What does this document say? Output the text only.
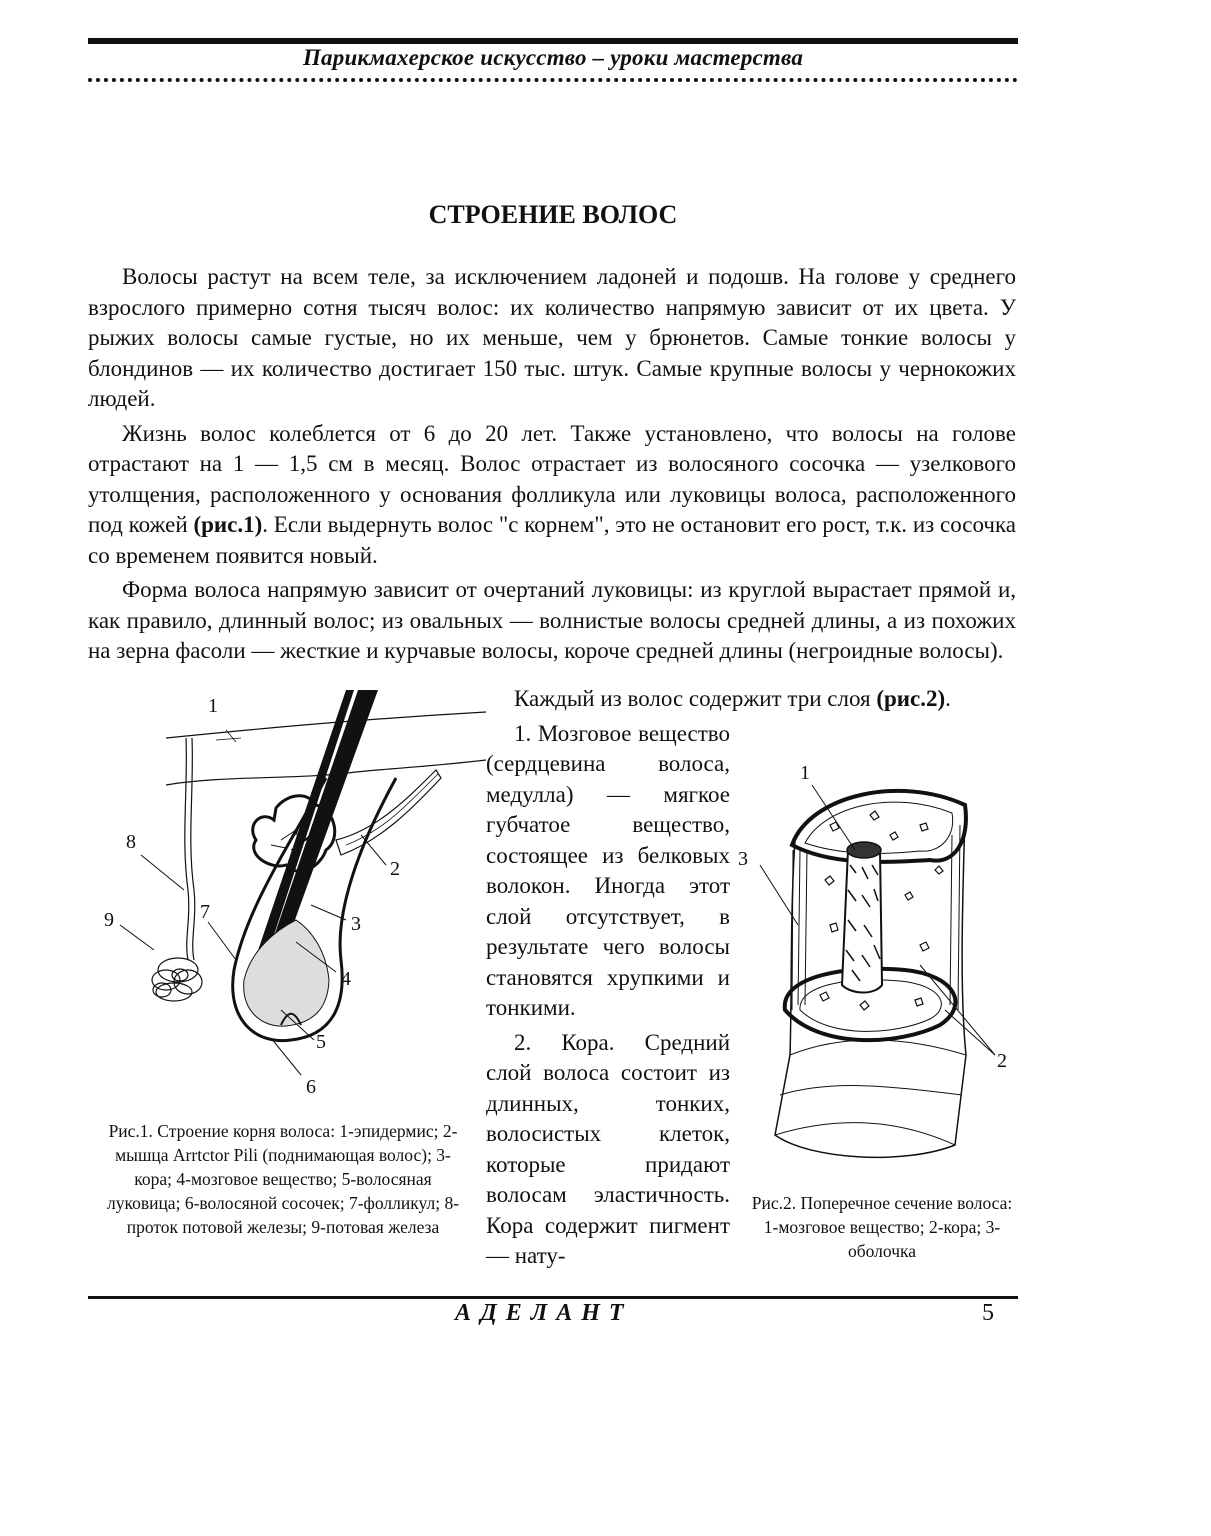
Парикмахерское искусство – уроки мастерства
СТРОЕНИЕ ВОЛОС

Волосы растут на всем теле, за исключением ладоней и подошв. На голове у среднего взрослого примерно сотня тысяч волос: их количество напрямую зависит от их цвета. У рыжих волосы самые густые, но их меньше, чем у брюнетов. Самые тонкие волосы у блондинов — их количество достигает 150 тыс. штук. Самые крупные волосы у чернокожих людей.

Жизнь волос колеблется от 6 до 20 лет. Также установлено, что волосы на голове отрастают на 1 — 1,5 см в месяц. Волос отрастает из волосяного сосочка — узелкового утолщения, расположенного у основания фолликула или луковицы волоса, расположенного под кожей (рис.1). Если выдернуть волос "с корнем", это не остановит его рост, т.к. из сосочка со временем появится новый.

Форма волоса напрямую зависит от очертаний луковицы: из круглой вырастает прямой и, как правило, длинный волос; из овальных — волнистые волосы средней длины, а из похожих на зерна фасоли — жесткие и курчавые волосы, короче средней длины (негроидные волосы).

Каждый из волос содержит три слоя (рис.2).

1. Мозговое вещество (сердцевина волоса, медулла) — мягкое губчатое вещество, состоящее из белковых волокон. Иногда этот слой отсутствует, в результате чего волосы становятся хрупкими и тонкими.

2. Кора. Средний слой волоса состоит из длинных, тонких, волосистых клеток, которые придают волосам эластичность. Кора содержит пигмент — нату-

1
2
3
4
5
6
7
8
9
Рис.1. Строение корня волоса: 1-эпидермис; 2-мышца Arrtctor Pili (поднимающая волос); 3-кора; 4-мозговое вещество; 5-волосяная луковица; 6-волосяной сосочек; 7-фолликул; 8-проток потовой железы; 9-потовая железа
1
2
3
Рис.2. Поперечное сечение волоса: 1-мозговое вещество; 2-кора; 3-оболочка
АДЕЛАНТ	5
